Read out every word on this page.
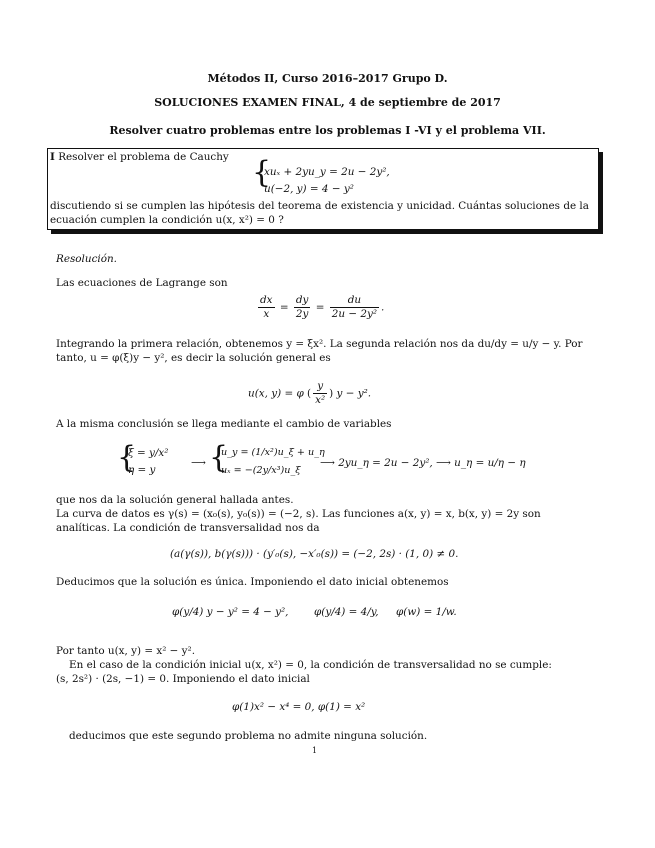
Métodos II, Curso 2016–2017 Grupo D.
SOLUCIONES EXAMEN FINAL, 4 de septiembre de 2017
Resolver cuatro problemas entre los problemas I -VI y el problema VII.
I Resolver el problema de Cauchy {
xuₓ + 2yu_y = 2u − 2y²,
u(−2, y) = 4 − y²
discutiendo si se cumplen las hipótesis del teorema de existencia y unicidad. Cuántas soluciones de la
ecuación cumplen la condición u(x, x²) = 0 ?
Resolución.
Las ecuaciones de Lagrange son
$\frac{dx}{x} = \frac{dy}{2y} = \frac{du}{\text{2u − 2y²}}$ .
Integrando la primera relación, obtenemos y = ξx². La segunda relación nos da du/dy = u/y − y. Por
tanto, u = φ(ξ)y − y², es decir la solución general es
u(x, y) = φ ( $\frac{y}{\text{x²}}$ ) y − y².
A la misma conclusión se llega mediante el cambio de variables
{
ξ = y/x²
η = y
⟶ {
u_y = (1/x²)u_ξ + u_η
uₓ = −(2y/x³)u_ξ
⟶ 2yu_η = 2u − 2y², ⟶ u_η = u/η − η
que nos da la solución general hallada antes.
La curva de datos es γ(s) = (x₀(s), y₀(s)) = (−2, s). Las funciones a(x, y) = x, b(x, y) = 2y son
analíticas. La condición de transversalidad nos da
(a(γ(s)), b(γ(s))) · (y′₀(s), −x′₀(s)) = (−2, 2s) · (1, 0) ≠ 0.
Deducimos que la solución es única. Imponiendo el dato inicial obtenemos
φ(y/4) y − y² = 4 − y², φ(y/4) = 4/y, φ(w) = 1/w.
Por tanto u(x, y) = x² − y².
En el caso de la condición inicial u(x, x²) = 0, la condición de transversalidad no se cumple:
(s, 2s²) · (2s, −1) = 0. Imponiendo el dato inicial
φ(1)x² − x⁴ = 0, φ(1) = x²
deducimos que este segundo problema no admite ninguna solución.
1
